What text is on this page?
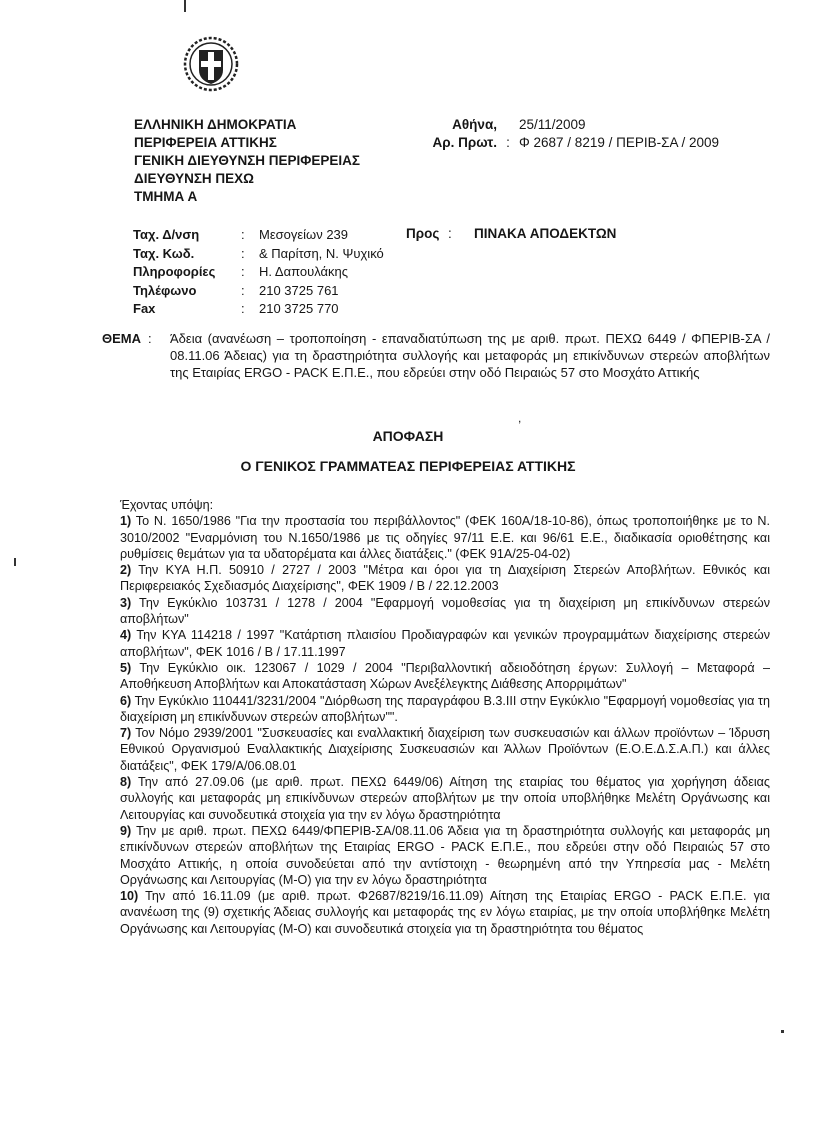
ΕΛΛΗΝΙΚΗ ΔΗΜΟΚΡΑΤΙΑ
ΠΕΡΙΦΕΡΕΙΑ ΑΤΤΙΚΗΣ
ΓΕΝΙΚΗ ΔΙΕΥΘΥΝΣΗ ΠΕΡΙΦΕΡΕΙΑΣ
ΔΙΕΥΘΥΝΣΗ ΠΕΧΩ
ΤΜΗΜΑ Α
Αθήνα, 25/11/2009
Αρ. Πρωτ. : Φ 2687 / 8219 / ΠΕΡΙΒ-ΣΑ / 2009
Ταχ. Δ/νση	:	Μεσογείων 239
Ταχ. Κωδ.	:	& Παρίτση, Ν. Ψυχικό
Πληροφορίες	:	Η. Δαπουλάκης
Τηλέφωνο	:	210 3725 761
Fax	:	210 3725 770
Προς :	ΠΙΝΑΚΑ ΑΠΟΔΕΚΤΩΝ
ΘΕΜΑ :	Άδεια (ανανέωση – τροποποίηση - επαναδιατύπωση της με αριθ. πρωτ. ΠΕΧΩ 6449 / ΦΠΕΡΙΒ-ΣΑ / 08.11.06 Άδειας) για τη δραστηριότητα συλλογής και μεταφοράς μη επικίνδυνων στερεών αποβλήτων της Εταιρίας ERGO - PACK Ε.Π.Ε., που εδρεύει στην οδό Πειραιώς 57 στο Μοσχάτο Αττικής
,
ΑΠΟΦΑΣΗ
Ο ΓΕΝΙΚΟΣ ΓΡΑΜΜΑΤΕΑΣ ΠΕΡΙΦΕΡΕΙΑΣ ΑΤΤΙΚΗΣ

Έχοντας υπόψη:

1) Το Ν. 1650/1986 "Για την προστασία του περιβάλλοντος" (ΦΕΚ 160Α/18-10-86), όπως τροποποιήθηκε με το Ν. 3010/2002 "Εναρμόνιση του Ν.1650/1986 με τις οδηγίες 97/11 Ε.Ε. και 96/61 Ε.Ε., διαδικασία οριοθέτησης και ρυθμίσεις θεμάτων για τα υδατορέματα και άλλες διατάξεις." (ΦΕΚ 91Α/25-04-02)

2) Την ΚΥΑ Η.Π. 50910 / 2727 / 2003 "Μέτρα και όροι για τη Διαχείριση Στερεών Αποβλήτων. Εθνικός και Περιφερειακός Σχεδιασμός Διαχείρισης", ΦΕΚ 1909 / Β / 22.12.2003

3) Την Εγκύκλιο 103731 / 1278 / 2004 "Εφαρμογή νομοθεσίας για τη διαχείριση μη επικίνδυνων στερεών αποβλήτων"

4) Την ΚΥΑ 114218 / 1997 "Κατάρτιση πλαισίου Προδιαγραφών και γενικών προγραμμάτων διαχείρισης στερεών αποβλήτων", ΦΕΚ 1016 / Β / 17.11.1997

5) Την Εγκύκλιο οικ. 123067 / 1029 / 2004 "Περιβαλλοντική αδειοδότηση έργων: Συλλογή – Μεταφορά – Αποθήκευση Αποβλήτων και Αποκατάσταση Χώρων Ανεξέλεγκτης Διάθεσης Απορριμάτων"

6) Την Εγκύκλιο 110441/3231/2004 "Διόρθωση της παραγράφου Β.3.ΙΙΙ στην Εγκύκλιο "Εφαρμογή νομοθεσίας για τη διαχείριση μη επικίνδυνων στερεών αποβλήτων"".

7) Τον Νόμο 2939/2001 "Συσκευασίες και εναλλακτική διαχείριση των συσκευασιών και άλλων προϊόντων – Ίδρυση Εθνικού Οργανισμού Εναλλακτικής Διαχείρισης Συσκευασιών και Άλλων Προϊόντων (Ε.Ο.Ε.Δ.Σ.Α.Π.) και άλλες διατάξεις", ΦΕΚ 179/Α/06.08.01

8) Την από 27.09.06 (με αριθ. πρωτ. ΠΕΧΩ 6449/06) Αίτηση της εταιρίας του θέματος για χορήγηση άδειας συλλογής και μεταφοράς μη επικίνδυνων στερεών αποβλήτων με την οποία υποβλήθηκε Μελέτη Οργάνωσης και Λειτουργίας και συνοδευτικά στοιχεία για την εν λόγω δραστηριότητα

9) Την με αριθ. πρωτ. ΠΕΧΩ 6449/ΦΠΕΡΙΒ-ΣΑ/08.11.06 Άδεια για τη δραστηριότητα συλλογής και μεταφοράς μη επικίνδυνων στερεών αποβλήτων της Εταιρίας ERGO - PACK Ε.Π.Ε., που εδρεύει στην οδό Πειραιώς 57 στο Μοσχάτο Αττικής, η οποία συνοδεύεται από την αντίστοιχη - θεωρημένη από την Υπηρεσία μας - Μελέτη Οργάνωσης και Λειτουργίας (Μ-Ο) για την εν λόγω δραστηριότητα

10) Την από 16.11.09 (με αριθ. πρωτ. Φ2687/8219/16.11.09) Αίτηση της Εταιρίας ERGO - PACK Ε.Π.Ε. για ανανέωση της (9) σχετικής Άδειας συλλογής και μεταφοράς της εν λόγω εταιρίας, με την οποία υποβλήθηκε Μελέτη Οργάνωσης και Λειτουργίας (Μ-Ο) και συνοδευτικά στοιχεία για τη δραστηριότητα του θέματος
